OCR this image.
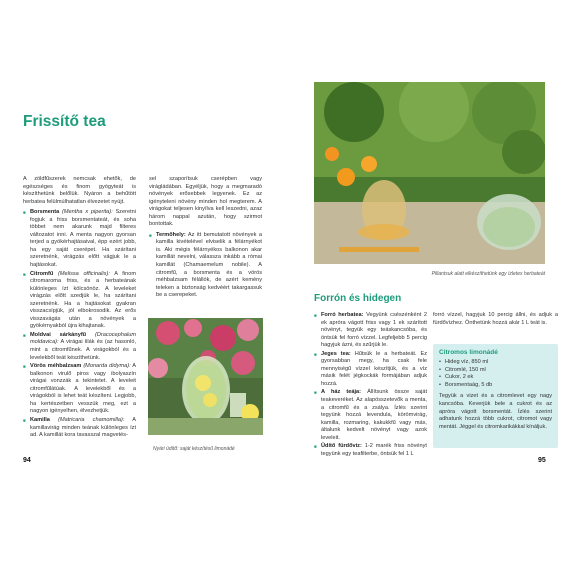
Frissítő tea

A zöldfűszerek nemcsak ehetők, de egészséges és finom gyógyteát is készíthetünk belőlük. Nyáron a behűtött herbatea felülmúlhatatlan élvezetet nyújt.

■ Borsmenta (Mentha x piperita): Szeretni fogjuk a friss borsmentateát, és sohа többet nem akarunk majd filteres változatot inni. A menta nagyon gyorsan terjed a gyökérhajtásaival, épp ezért jobb, ha egy saját cserépet. Ha szárítani szeretnénk, virágzás előtt vágjuk le a hajtásokat.
■ Citromfű (Melissa officinalis): A finom citromaroma friss, és a herbateának különleges ízt kölcsönöz. A leveleket virágzás előtt szedjük le, ha szárítani szeretnénk. Ha a hajtásokat gyakran visszacsípjük, jól elbokrosodik. Az erős visszavágás után a növények a gyökérnyakból újra kihajtanak.
■ Moldvai sárkányfű (Dracocephalum moldavica): A virágai lilák és (az hasonló, mint a citromfűnek. A virágokból és a levelekből teát készíthetünk.
■ Vörös méhbalzsam (Monarda didyma): A balkonon virulő piros vagy ibolyaszín virágai vonzzák a tekintetet. A leveleit citromfűlátúak. A levelekből és a virágokból is lehet teát készíteni. Legjobb, ha kertészetben vesszük meg, ezt a nagyon igényelhen, élvezhetjük.
■ Kamilla (Matricaria chamomilla): A kamillavirág minden teának különleges ízt ad. A kamillát kora tavasszal magvetés-

sel szaporítsuk cserépben vagy virágládában. Egyéljük, hogy a megmaradó növények erősebbek legyenek. Ez az igényteleni növény minden hol megterem. A virágokat teljesen kinyílva kell leszedni, azaz három nappal azután, hogy szirmot bontottak.

■ Termőhely: Az itt bemutatott növények a kamilla kivételével elviselik a félárnyékot is. Aki mégis félárnyékos balkonon akar kamillát nevelni, válassza inkább a római kamillát (Chamaemelum nobile). A citromfű, a borsmenta és a vörös méhbalzsam félállók, de azért kemény teleken a biztonság kedvéért takargassuk be a cserepeket.
Nyári üdítő: saját készítésű limonádé
94
Pillantsuk alatt elkészíthetünk egy ízletes herbateát
Forrón és hidegen
■ Forró herbatea: Vegyünk csészénként 2 ek apróra vágott friss vagy 1 ek szárított növényt, tegyük egy teáskancsóba, és öntsük fel forró vízzel. Legfeljebb 5 percig hagyjuk ázni, és szűrjük le.
■ Jeges tea: Hűtsük le a herbateát. Ez gyorsabban megy, ha csak fele mennyiségű vízzel készítjük, és a víz másik felét jégkockák formájában adjuk hozzá.
■ A ház teája: Állítsunk össze saját teakeveréket. Az alapösszetevők a menta, a citromfű és a zsálya. Ízlés szerint tegyünk hozzá levendula, körömvirág, kamilla, rozmaring, kakukkfű vagy más, általunk kedvelt növényt vagy azok leveleit.
■ Üdítő fürdővíz: 1-2 marék friss növényt tegyünk egy teafilterbe, öntsük fel 1 L

forró vízzel, hagyjuk 10 percig állni, és adjuk a fürdővízhez. Önthetünk hozzá akár 1 L teát is.

Citromos limonádé
• Hideg víz, 850 ml
• Citromlé, 150 ml
• Cukor, 2 ek
• Borsmentaág, 5 db
Tegyük a vizet és a citromlevet egy nagy kancsóba. Keverjük bele a cukrot és az apróra vágott borsmentát. Ízlés szerint adhatunk hozzá több cukrot, citromot vagy mentát. Jéggel és citromkarikákkal kínáljuk.
95
